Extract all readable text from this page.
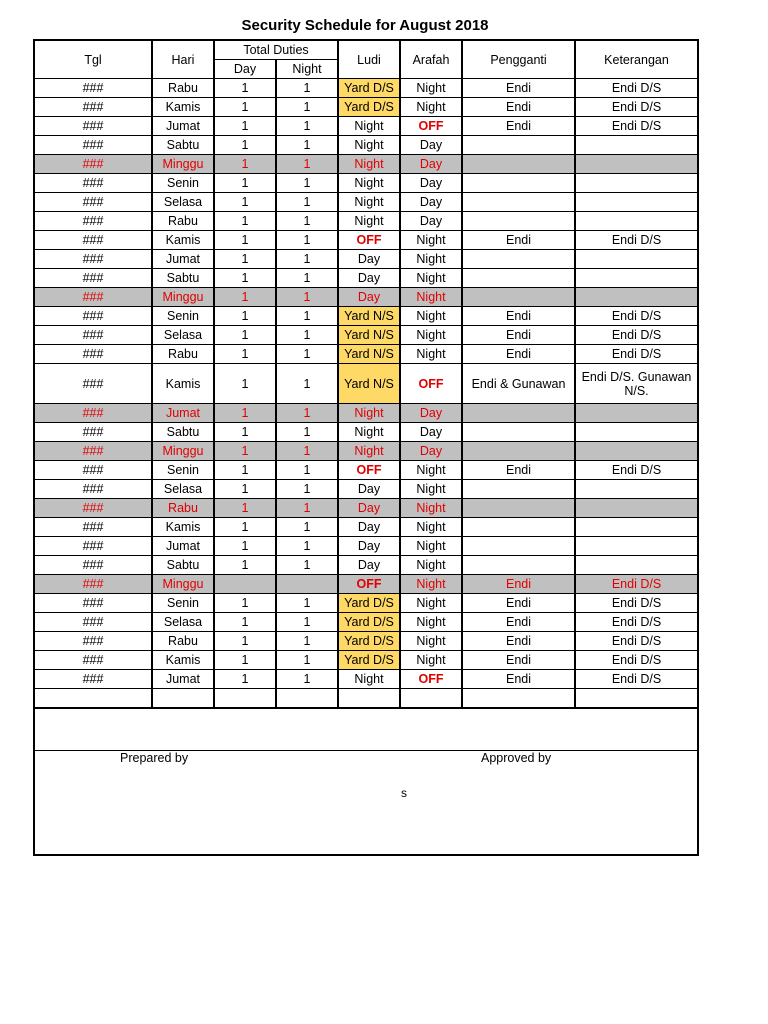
Security Schedule for August 2018
Tgl	Hari	Total Duties		Ludi	Arafah	Pengganti	Keterangan
		Day	Night				
###	Rabu	1	1	Yard D/S	Night	Endi	Endi D/S
###	Kamis	1	1	Yard D/S	Night	Endi	Endi D/S
###	Jumat	1	1	Night	OFF	Endi	Endi D/S
###	Sabtu	1	1	Night	Day		
###	Minggu	1	1	Night	Day		
###	Senin	1	1	Night	Day		
###	Selasa	1	1	Night	Day		
###	Rabu	1	1	Night	Day		
###	Kamis	1	1	OFF	Night	Endi	Endi D/S
###	Jumat	1	1	Day	Night		
###	Sabtu	1	1	Day	Night		
###	Minggu	1	1	Day	Night		
###	Senin	1	1	Yard N/S	Night	Endi	Endi D/S
###	Selasa	1	1	Yard N/S	Night	Endi	Endi D/S
###	Rabu	1	1	Yard N/S	Night	Endi	Endi D/S
###	Kamis	1	1	Yard N/S	OFF	Endi & Gunawan	Endi D/S. Gunawan N/S.
###	Jumat	1	1	Night	Day		
###	Sabtu	1	1	Night	Day		
###	Minggu	1	1	Night	Day		
###	Senin	1	1	OFF	Night	Endi	Endi D/S
###	Selasa	1	1	Day	Night		
###	Rabu	1	1	Day	Night		
###	Kamis	1	1	Day	Night		
###	Jumat	1	1	Day	Night		
###	Sabtu	1	1	Day	Night		
###	Minggu			OFF	Night	Endi	Endi D/S
###	Senin	1	1	Yard D/S	Night	Endi	Endi D/S
###	Selasa	1	1	Yard D/S	Night	Endi	Endi D/S
###	Rabu	1	1	Yard D/S	Night	Endi	Endi D/S
###	Kamis	1	1	Yard D/S	Night	Endi	Endi D/S
###	Jumat	1	1	Night	OFF	Endi	Endi D/S

Prepared by	Approved by
s
